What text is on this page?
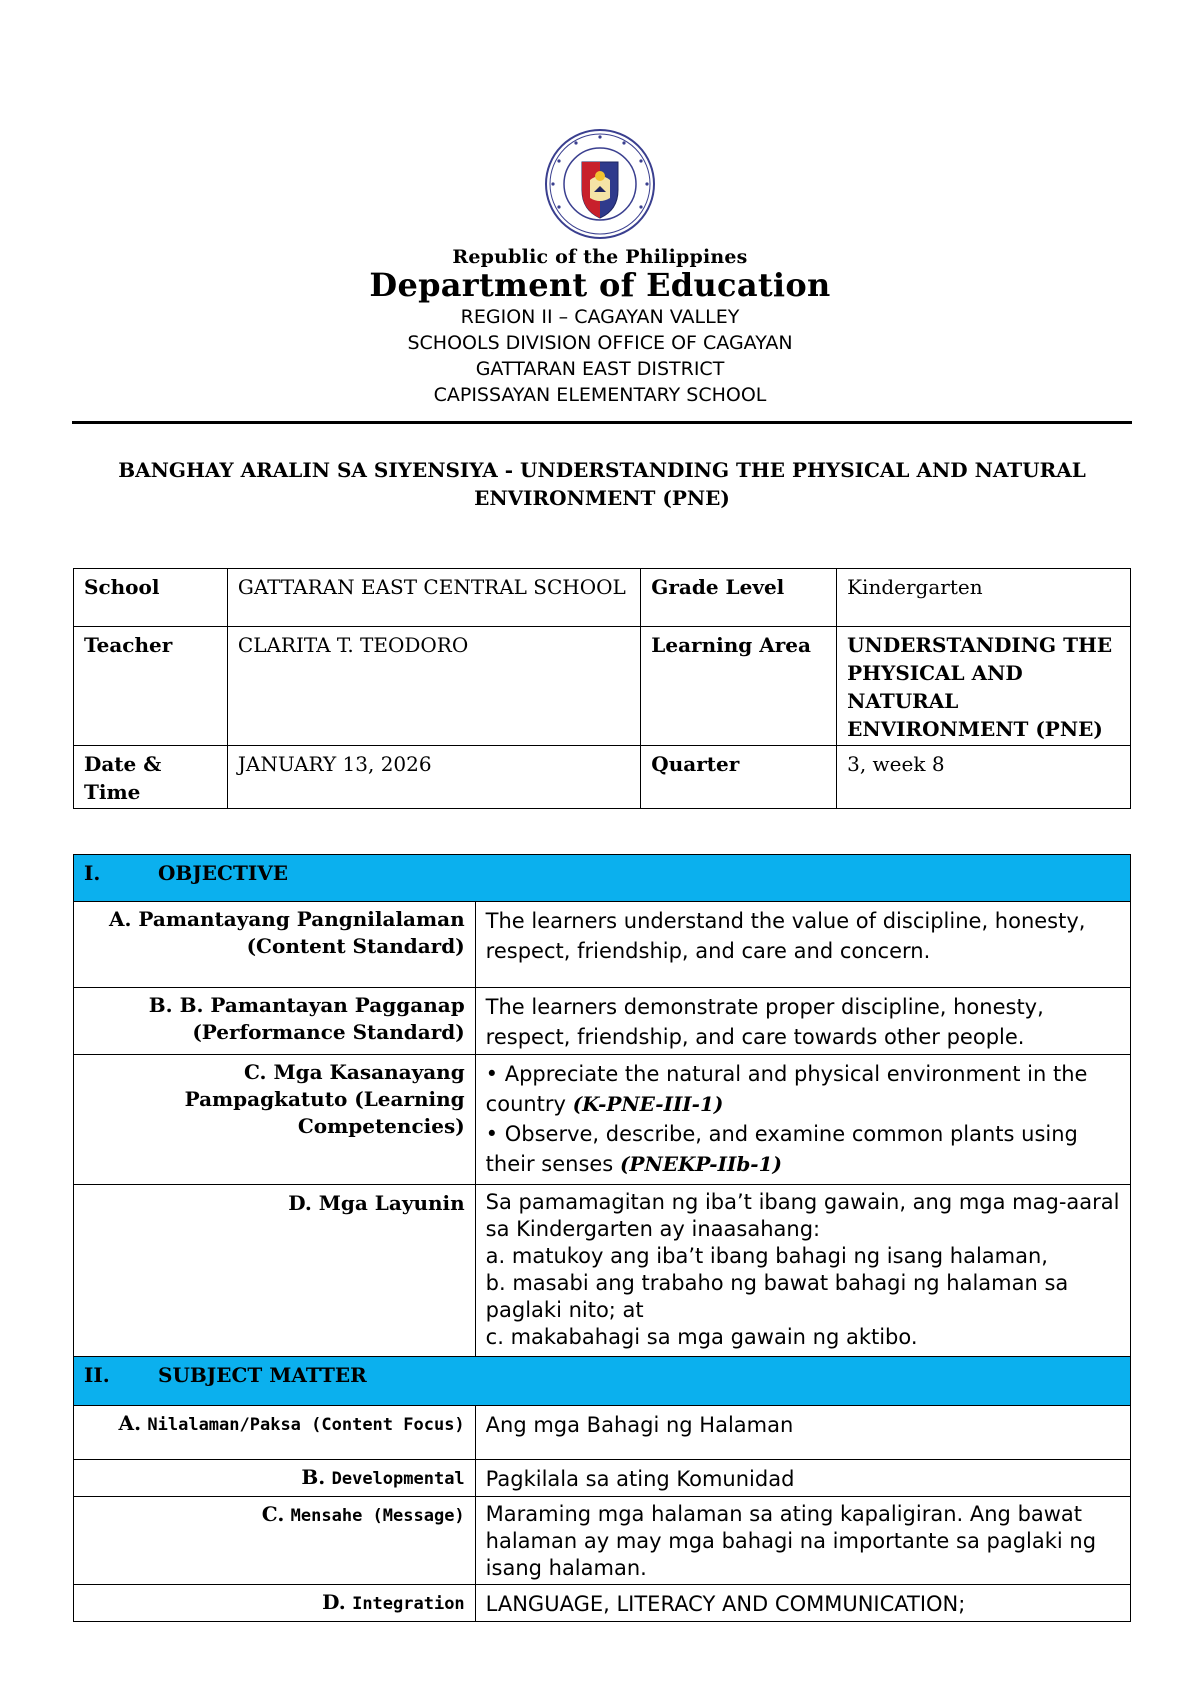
Republic of the Philippines
Department of Education
REGION II – CAGAYAN VALLEY
SCHOOLS DIVISION OFFICE OF CAGAYAN
GATTARAN EAST DISTRICT
CAPISSAYAN ELEMENTARY SCHOOL
BANGHAY ARALIN SA SIYENSIYA - UNDERSTANDING THE PHYSICAL AND NATURAL
ENVIRONMENT (PNE)
School	GATTARAN EAST CENTRAL SCHOOL	Grade Level	Kindergarten
Teacher	CLARITA T. TEODORO	Learning Area	UNDERSTANDING THE PHYSICAL AND NATURAL ENVIRONMENT (PNE)
Date & Time	JANUARY 13, 2026	Quarter	3, week 8
I. OBJECTIVE	
A. Pamantayang Pangnilalaman (Content Standard)	The learners understand the value of discipline, honesty, respect, friendship, and care and concern.
B. B. Pamantayan Pagganap (Performance Standard)	The learners demonstrate proper discipline, honesty, respect, friendship, and care towards other people.
C. Mga Kasanayang Pampagkatuto (Learning Competencies)	• Appreciate the natural and physical environment in the country (K-PNE-III-1)
• Observe, describe, and examine common plants using their senses (PNEKP-IIb-1)

D. Mga Layunin	Sa pamamagitan ng iba’t ibang gawain, ang mga mag-aaral sa Kindergarten ay inaasahang:
a. matukoy ang iba’t ibang bahagi ng isang halaman,
b. masabi ang trabaho ng bawat bahagi ng halaman sa paglaki nito; at
c. makabahagi sa mga gawain ng aktibo.

II. SUBJECT MATTER	
A. Nilalaman/Paksa (Content Focus)	Ang mga Bahagi ng Halaman
B. Developmental	Pagkilala sa ating Komunidad
C. Mensahe (Message)	Maraming mga halaman sa ating kapaligiran. Ang bawat halaman ay may mga bahagi na importante sa paglaki ng isang halaman.
D. Integration	LANGUAGE, LITERACY AND COMMUNICATION;
